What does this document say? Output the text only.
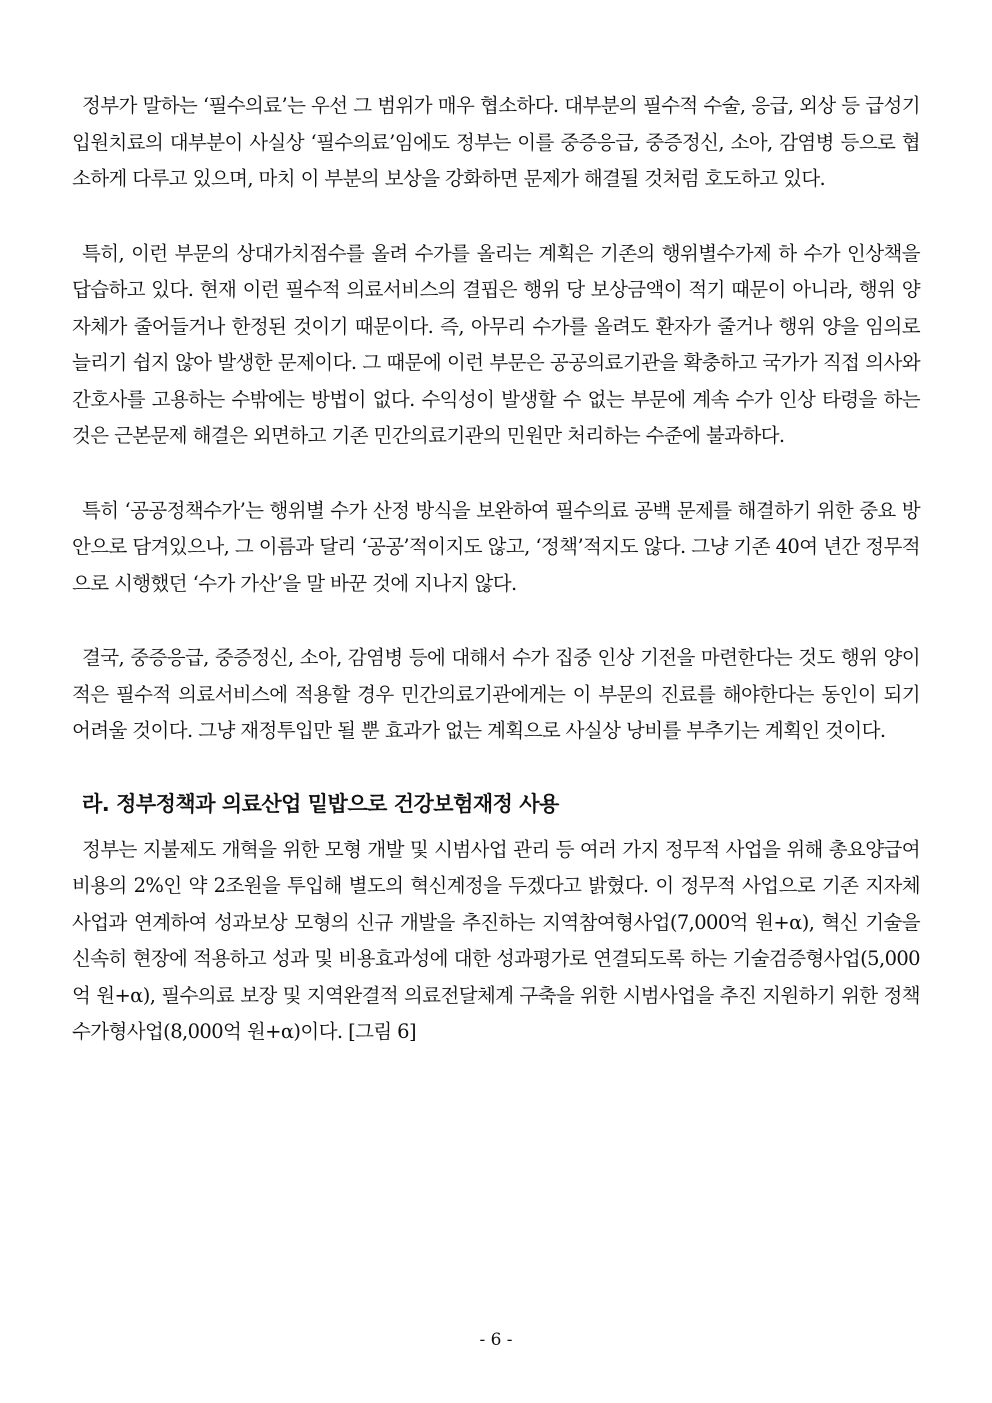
정부가 말하는 ‘필수의료’는 우선 그 범위가 매우 협소하다. 대부분의 필수적 수술, 응급, 외상 등 급성기 입원치료의 대부분이 사실상 ‘필수의료’임에도 정부는 이를 중증응급, 중증정신, 소아, 감염병 등으로 협소하게 다루고 있으며, 마치 이 부분의 보상을 강화하면 문제가 해결될 것처럼 호도하고 있다.

특히, 이런 부문의 상대가치점수를 올려 수가를 올리는 계획은 기존의 행위별수가제 하 수가 인상책을 답습하고 있다. 현재 이런 필수적 의료서비스의 결핍은 행위 당 보상금액이 적기 때문이 아니라, 행위 양 자체가 줄어들거나 한정된 것이기 때문이다. 즉, 아무리 수가를 올려도 환자가 줄거나 행위 양을 임의로 늘리기 쉽지 않아 발생한 문제이다. 그 때문에 이런 부문은 공공의료기관을 확충하고 국가가 직접 의사와 간호사를 고용하는 수밖에는 방법이 없다. 수익성이 발생할 수 없는 부문에 계속 수가 인상 타령을 하는 것은 근본문제 해결은 외면하고 기존 민간의료기관의 민원만 처리하는 수준에 불과하다.

특히 ‘공공정책수가’는 행위별 수가 산정 방식을 보완하여 필수의료 공백 문제를 해결하기 위한 중요 방안으로 담겨있으나, 그 이름과 달리 ‘공공’적이지도 않고, ‘정책’적지도 않다. 그냥 기존 40여 년간 정무적으로 시행했던 ‘수가 가산’을 말 바꾼 것에 지나지 않다.

결국, 중증응급, 중증정신, 소아, 감염병 등에 대해서 수가 집중 인상 기전을 마련한다는 것도 행위 양이 적은 필수적 의료서비스에 적용할 경우 민간의료기관에게는 이 부문의 진료를 해야한다는 동인이 되기 어려울 것이다. 그냥 재정투입만 될 뿐 효과가 없는 계획으로 사실상 낭비를 부추기는 계획인 것이다.

라. 정부정책과 의료산업 밑밥으로 건강보험재정 사용

정부는 지불제도 개혁을 위한 모형 개발 및 시범사업 관리 등 여러 가지 정무적 사업을 위해 총요양급여비용의 2%인 약 2조원을 투입해 별도의 혁신계정을 두겠다고 밝혔다. 이 정무적 사업으로 기존 지자체 사업과 연계하여 성과보상 모형의 신규 개발을 추진하는 지역참여형사업(7,000억 원+α), 혁신 기술을 신속히 현장에 적용하고 성과 및 비용효과성에 대한 성과평가로 연결되도록 하는 기술검증형사업(5,000억 원+α), 필수의료 보장 및 지역완결적 의료전달체계 구축을 위한 시범사업을 추진 지원하기 위한 정책수가형사업(8,000억 원+α)이다. [그림 6]

- 6 -
